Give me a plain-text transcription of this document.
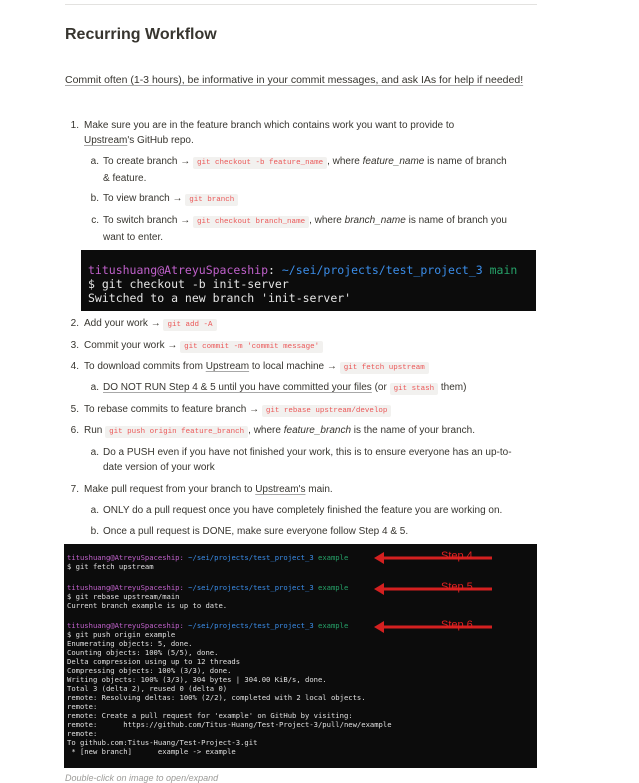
Recurring Workflow
Commit often (1-3 hours), be informative in your commit messages, and ask IAs for help if needed!
1. Make sure you are in the feature branch which contains work you want to provide to
Upstream's GitHub repo.
a. To create branch → git checkout -b feature_name , where feature_name is name of branch
& feature.
b. To view branch → git branch
c. To switch branch → git checkout branch_name , where branch_name is name of branch you
want to enter.
titushuang@AtreyuSpaceship: ~/sei/projects/test_project_3 main
$ git checkout -b init-server
Switched to a new branch 'init-server'
2. Add your work → git add -A
3. Commit your work → git commit -m 'commit message'
4. To download commits from Upstream to local machine → git fetch upstream
a. DO NOT RUN Step 4 & 5 until you have committed your files (or git stash them)
5. To rebase commits to feature branch → git rebase upstream/develop
6. Run git push origin feature_branch , where feature_branch is the name of your branch.
a. Do a PUSH even if you have not finished your work, this is to ensure everyone has an up-to-
date version of your work
7. Make pull request from your branch to Upstream's main.
a. ONLY do a pull request once you have completely finished the feature you are working on.
b. Once a pull request is DONE, make sure everyone follow Step 4 & 5.
titushuang@AtreyuSpaceship: ~/sei/projects/test_project_3 example
$ git fetch upstream
titushuang@AtreyuSpaceship: ~/sei/projects/test_project_3 example
$ git rebase upstream/main
Current branch example is up to date.
titushuang@AtreyuSpaceship: ~/sei/projects/test_project_3 example
$ git push origin example
Enumerating objects: 5, done.
Counting objects: 100% (5/5), done.
Delta compression using up to 12 threads
Compressing objects: 100% (3/3), done.
Writing objects: 100% (3/3), 304 bytes | 304.00 KiB/s, done.
Total 3 (delta 2), reused 0 (delta 0)
remote: Resolving deltas: 100% (2/2), completed with 2 local objects.
remote:
remote: Create a pull request for 'example' on GitHub by visiting:
remote:      https://github.com/Titus-Huang/Test-Project-3/pull/new/example
remote:
To github.com:Titus-Huang/Test-Project-3.git
* [new branch]      example -> example
Step 4
Step 5
Step 6
Double-click on image to open/expand
